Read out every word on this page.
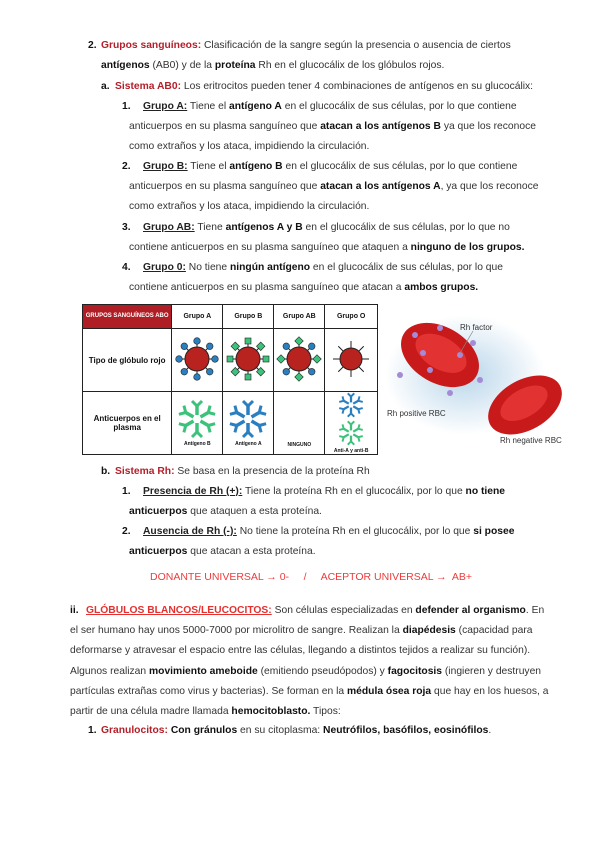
2. Grupos sanguíneos: Clasificación de la sangre según la presencia o ausencia de ciertos antígenos (AB0) y de la proteína Rh en el glucocálix de los glóbulos rojos.
a. Sistema AB0: Los eritrocitos pueden tener 4 combinaciones de antígenos en su glucocálix:
1.	Grupo A: Tiene el antígeno A en el glucocálix de sus células, por lo que contiene anticuerpos en su plasma sanguíneo que atacan a los antígenos B ya que los reconoce como extraños y los ataca, impidiendo la circulación.
2.	Grupo B: Tiene el antígeno B en el glucocálix de sus células, por lo que contiene anticuerpos en su plasma sanguíneo que atacan a los antígenos A, ya que los reconoce como extraños y los ataca, impidiendo la circulación.
3.	Grupo AB: Tiene antígenos A y B en el glucocálix de sus células, por lo que no contiene anticuerpos en su plasma sanguíneo que ataquen a ninguno de los grupos.
4.	Grupo 0: No tiene ningún antígeno en el glucocálix de sus células, por lo que contiene anticuerpos en su plasma sanguíneo que atacan a ambos grupos.
b. Sistema Rh: Se basa en la presencia de la proteína Rh
1.	Presencia de Rh (+): Tiene la proteína Rh en el glucocálix, por lo que no tiene anticuerpos que ataquen a esta proteína.
2.	Ausencia de Rh (-): No tiene la proteína Rh en el glucocálix, por lo que si posee anticuerpos que atacan a esta proteína.
ii. GLÓBULOS BLANCOS/LEUCOCITOS: Son células especializadas en defender al organismo. En el ser humano hay unos 5000-7000 por microlitro de sangre. Realizan la diapédesis (capacidad para deformarse y atravesar el espacio entre las células, llegando a distintos tejidos a realizar su función). Algunos realizan movimiento ameboide (emitiendo pseudópodos) y fagocitosis (ingieren y destruyen partículas extrañas como virus y bacterias). Se forman en la médula ósea roja que hay en los huesos, a partir de una célula madre llamada hemocitoblasto. Tipos:
1. Granulocitos: Con gránulos en su citoplasma: Neutrófilos, basófilos, eosinófilos.
DONANTE UNIVERSAL → 0-     /     ACEPTOR UNIVERSAL →  AB+
GRUPOS SANGUÍNEOS ABO	Grupo A	Grupo B	Grupo AB	Grupo O
Tipo de glóbulo rojo				
Anticuerpos en el plasma	Antígeno B	Antígeno A	NINGUNO	Anti-A y anti-B
Rh factor
Rh positive RBC
Rh negative RBC
